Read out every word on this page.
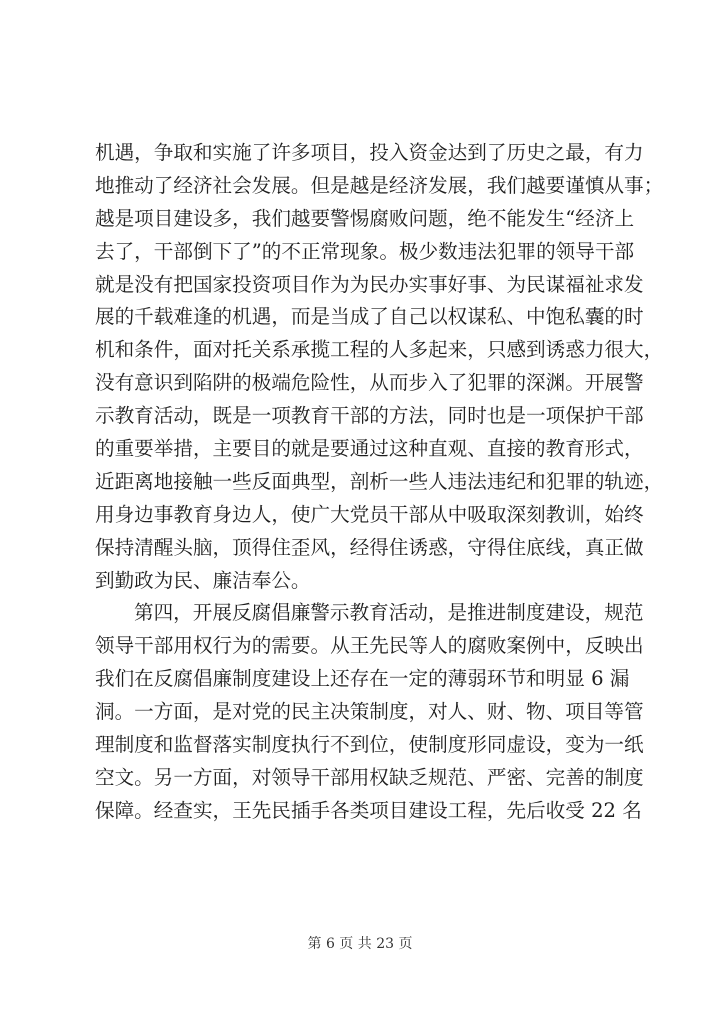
机遇，争取和实施了许多项目，投入资金达到了历史之最，有力
地推动了经济社会发展。但是越是经济发展，我们越要谨慎从事；
越是项目建设多，我们越要警惕腐败问题，绝不能发生“经济上
去了，干部倒下了”的不正常现象。极少数违法犯罪的领导干部
就是没有把国家投资项目作为为民办实事好事、为民谋福祉求发
展的千载难逢的机遇，而是当成了自己以权谋私、中饱私囊的时
机和条件，面对托关系承揽工程的人多起来，只感到诱惑力很大，
没有意识到陷阱的极端危险性，从而步入了犯罪的深渊。开展警
示教育活动，既是一项教育干部的方法，同时也是一项保护干部
的重要举措，主要目的就是要通过这种直观、直接的教育形式，
近距离地接触一些反面典型，剖析一些人违法违纪和犯罪的轨迹，
用身边事教育身边人，使广大党员干部从中吸取深刻教训，始终
保持清醒头脑，顶得住歪风，经得住诱惑，守得住底线，真正做
到勤政为民、廉洁奉公。
第四，开展反腐倡廉警示教育活动，是推进制度建设，规范
领导干部用权行为的需要。从王先民等人的腐败案例中，反映出
我们在反腐倡廉制度建设上还存在一定的薄弱环节和明显 6 漏
洞。一方面，是对党的民主决策制度，对人、财、物、项目等管
理制度和监督落实制度执行不到位，使制度形同虚设，变为一纸
空文。另一方面，对领导干部用权缺乏规范、严密、完善的制度
保障。经查实，王先民插手各类项目建设工程，先后收受 22 名
第 6 页 共 23 页
